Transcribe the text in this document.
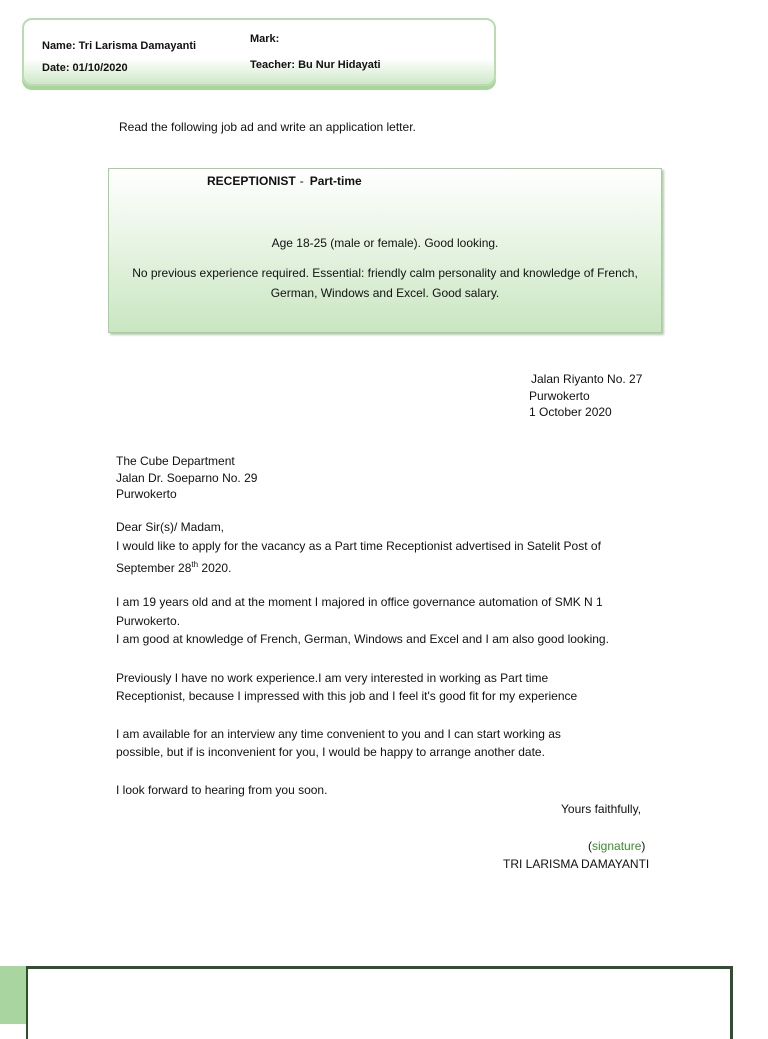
Name: Tri Larisma Damayanti
Date: 01/10/2020
Mark:
Teacher: Bu Nur Hidayati
Read the following job ad and write an application letter.
RECEPTIONIST - Part-time
Age 18-25 (male or female). Good looking.
No previous experience required. Essential: friendly calm personality and knowledge of French, German, Windows and Excel. Good salary.
Jalan Riyanto No. 27
Purwokerto
1 October 2020
The Cube Department
Jalan Dr. Soeparno No. 29
Purwokerto
Dear Sir(s)/ Madam,
I would like to apply for the vacancy as a Part time Receptionist advertised in Satelit Post of
September 28th 2020.
I am 19 years old and at the moment I majored in office governance automation of SMK N 1
Purwokerto.
I am good at knowledge of French, German, Windows and Excel and I am also good looking.
Previously I have no work experience.I am very interested in working as Part time
Receptionist, because I impressed with this job and I feel it's good fit for my experience
I am available for an interview any time convenient to you and I can start working as
possible, but if is inconvenient for you, I would be happy to arrange another date.
I look forward to hearing from you soon.
Yours faithfully,
(signature)
TRI LARISMA DAMAYANTI
